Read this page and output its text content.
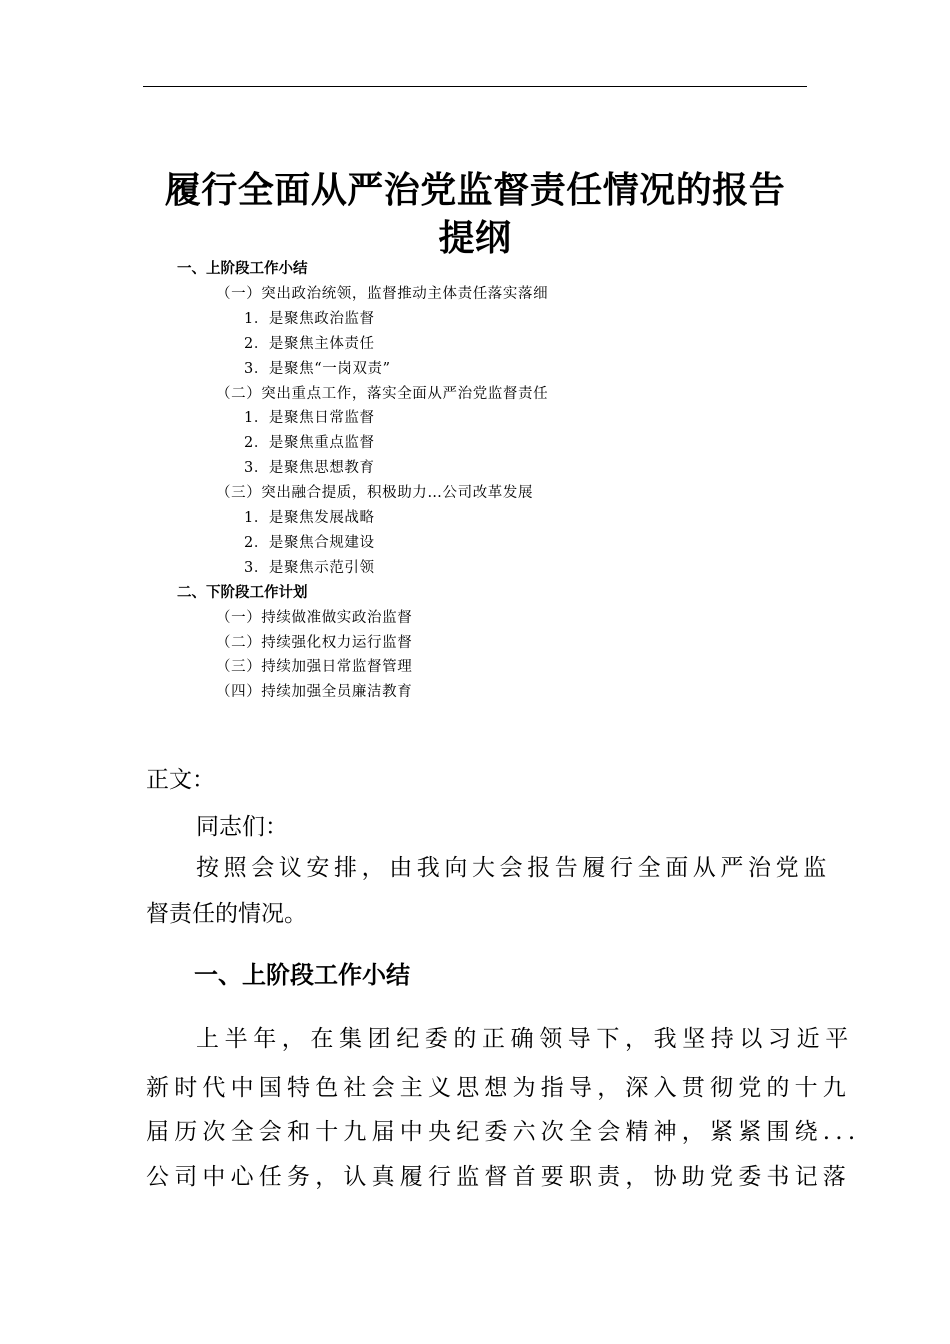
履行全面从严治党监督责任情况的报告
提纲
一、上阶段工作小结
（一）突出政治统领，监督推动主体责任落实落细
1．是聚焦政治监督
2．是聚焦主体责任
3．是聚焦“一岗双责”
（二）突出重点工作，落实全面从严治党监督责任
1．是聚焦日常监督
2．是聚焦重点监督
3．是聚焦思想教育
（三）突出融合提质，积极助力…公司改革发展
1．是聚焦发展战略
2．是聚焦合规建设
3．是聚焦示范引领
二、下阶段工作计划
（一）持续做准做实政治监督
（二）持续强化权力运行监督
（三）持续加强日常监督管理
（四）持续加强全员廉洁教育
正文：
同志们：
按照会议安排，由我向大会报告履行全面从严治党监
督责任的情况。
一、上阶段工作小结
上半年，在集团纪委的正确领导下，我坚持以习近平
新时代中国特色社会主义思想为指导，深入贯彻党的十九
届历次全会和十九届中央纪委六次全会精神，紧紧围绕...
公司中心任务，认真履行监督首要职责，协助党委书记落
